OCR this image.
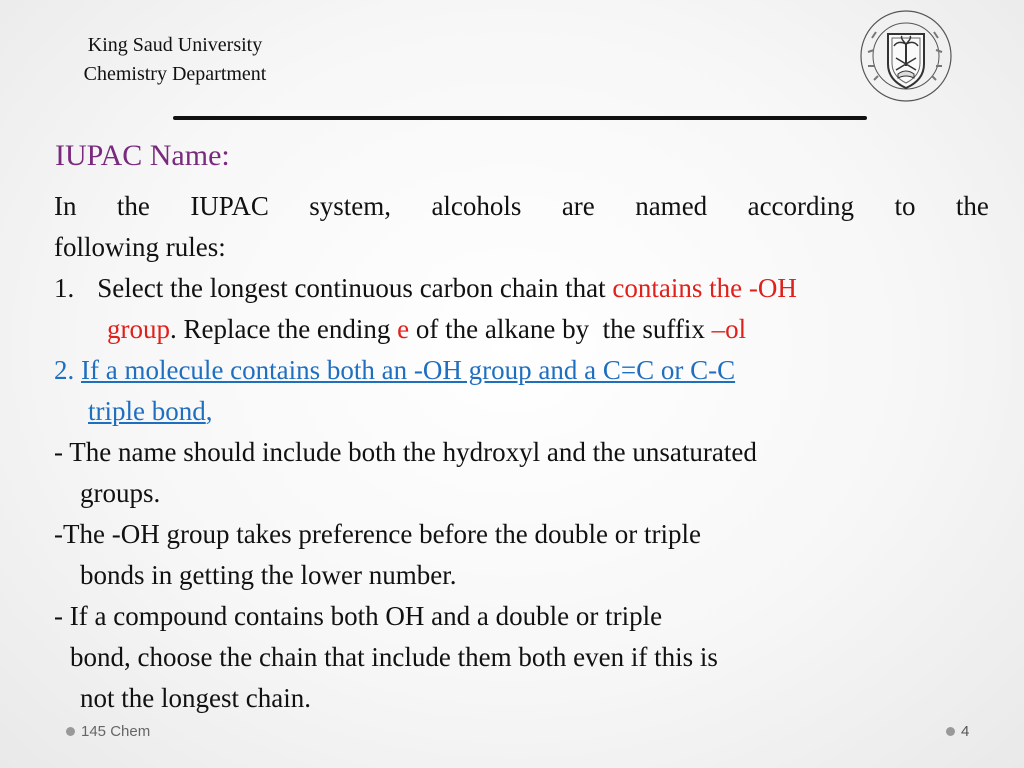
King Saud University
Chemistry Department
IUPAC Name:
In the IUPAC system, alcohols are named according to the
following rules:
1. Select the longest continuous carbon chain that contains the -OH
group. Replace the ending e of the alkane by  the suffix –ol
2. If a molecule contains both an -OH group and a C=C or C-C
triple bond,
- The name should include both the hydroxyl and the unsaturated
groups.
-The -OH group takes preference before the double or triple
bonds in getting the lower number.
- If a compound contains both OH and a double or triple
bond, choose the chain that include them both even if this is
not the longest chain.
145 Chem	4
